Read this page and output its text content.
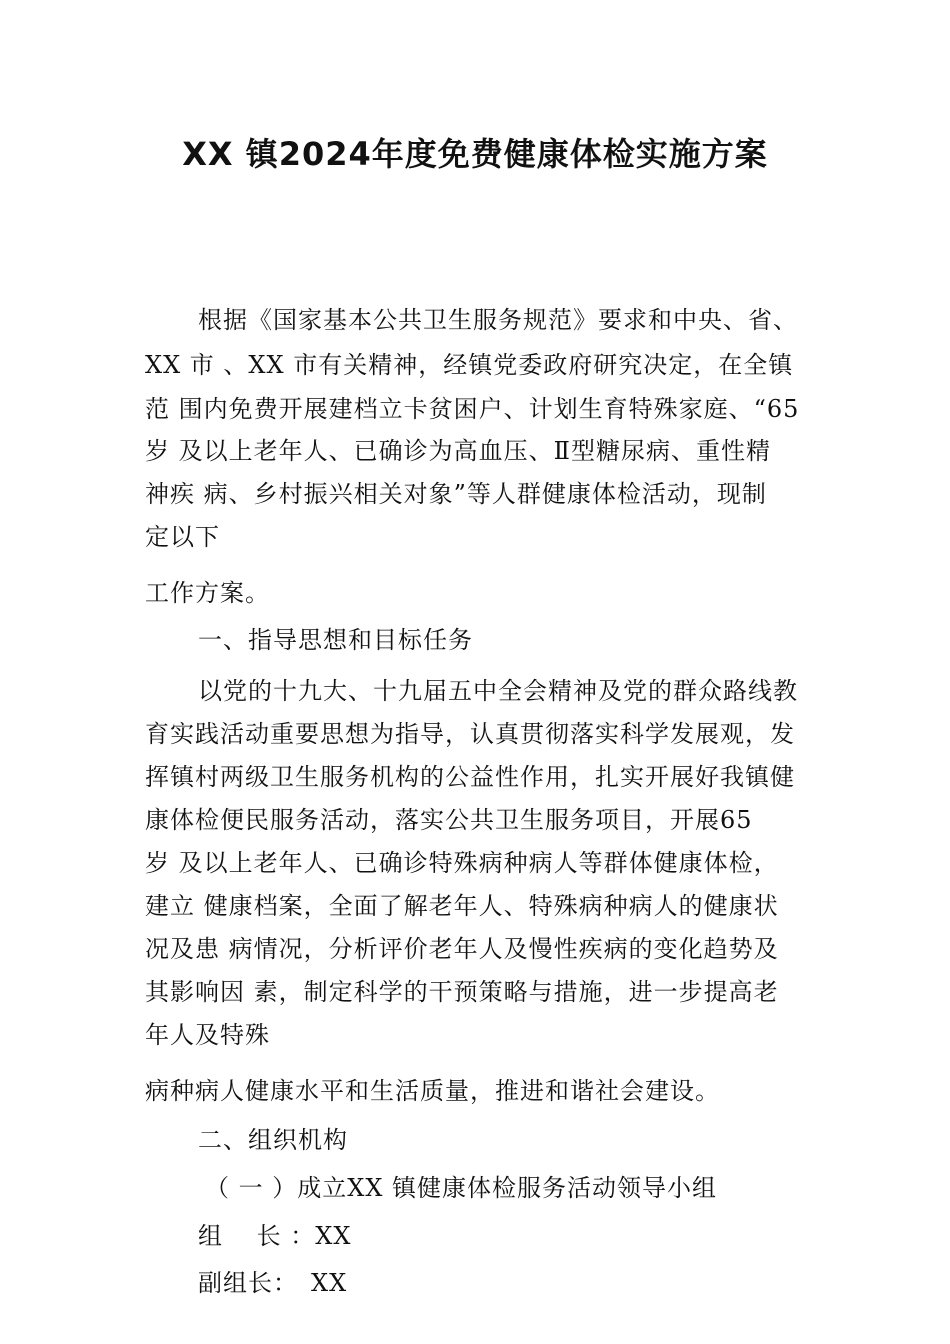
XX 镇2024年度免费健康体检实施方案
根据《国家基本公共卫生服务规范》要求和中央、省、
XX 市 、XX 市有关精神，经镇党委政府研究决定，在全镇
范 围内免费开展建档立卡贫困户、计划生育特殊家庭、“65
岁 及以上老年人、已确诊为高血压、Ⅱ型糖尿病、重性精
神疾 病、乡村振兴相关对象”等人群健康体检活动，现制
定以下
工作方案。
一、指导思想和目标任务
以党的十九大、十九届五中全会精神及党的群众路线教
育实践活动重要思想为指导，认真贯彻落实科学发展观，发
挥镇村两级卫生服务机构的公益性作用，扎实开展好我镇健
康体检便民服务活动，落实公共卫生服务项目，开展65
岁 及以上老年人、已确诊特殊病种病人等群体健康体检，
建立 健康档案，全面了解老年人、特殊病种病人的健康状
况及患 病情况，分析评价老年人及慢性疾病的变化趋势及
其影响因 素，制定科学的干预策略与措施，进一步提高老
年人及特殊
病种病人健康水平和生活质量，推进和谐社会建设。
二、组织机构
（ 一 ）成立XX 镇健康体检服务活动领导小组
组　 长 ：XX
副组长：　XX
